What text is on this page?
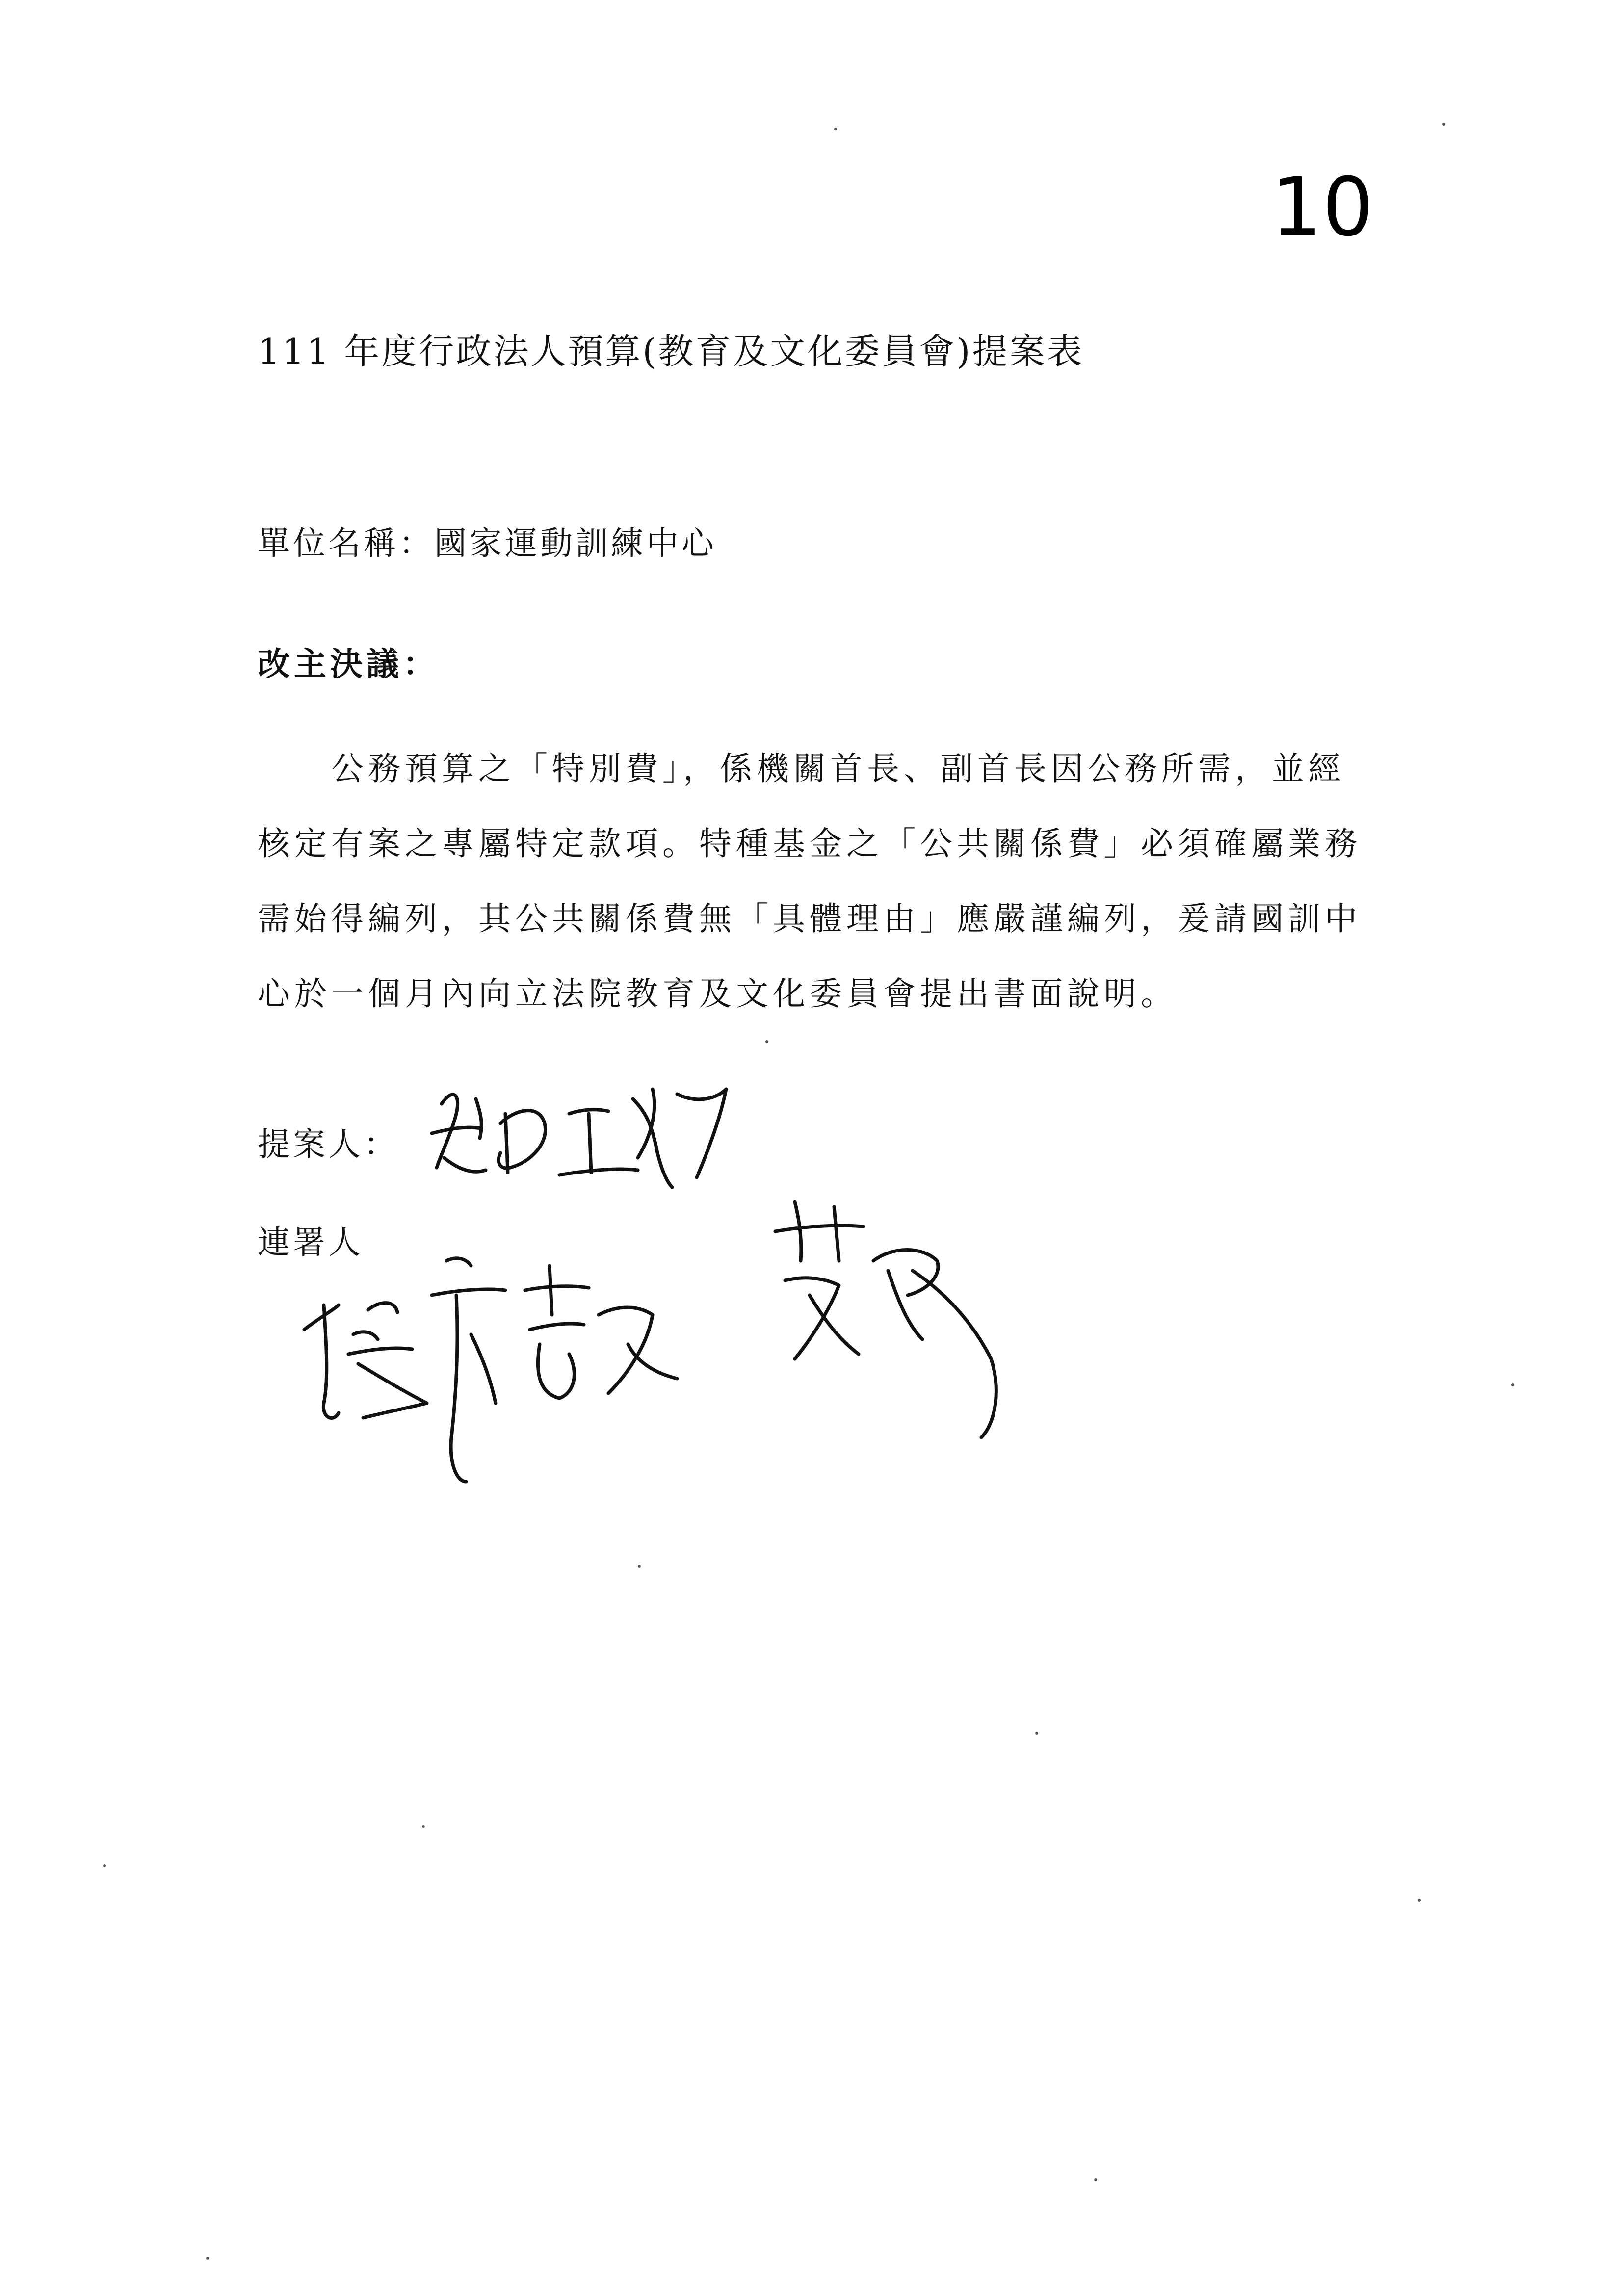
10
111 年度行政法人預算(教育及文化委員會)提案表
單位名稱：國家運動訓練中心
改主決議：
公務預算之「特別費」，係機關首長、副首長因公務所需，並經
核定有案之專屬特定款項。特種基金之「公共關係費」必須確屬業務
需始得編列，其公共關係費無「具體理由」應嚴謹編列，爰請國訓中
心於一個月內向立法院教育及文化委員會提出書面說明。
提案人：
連署人
